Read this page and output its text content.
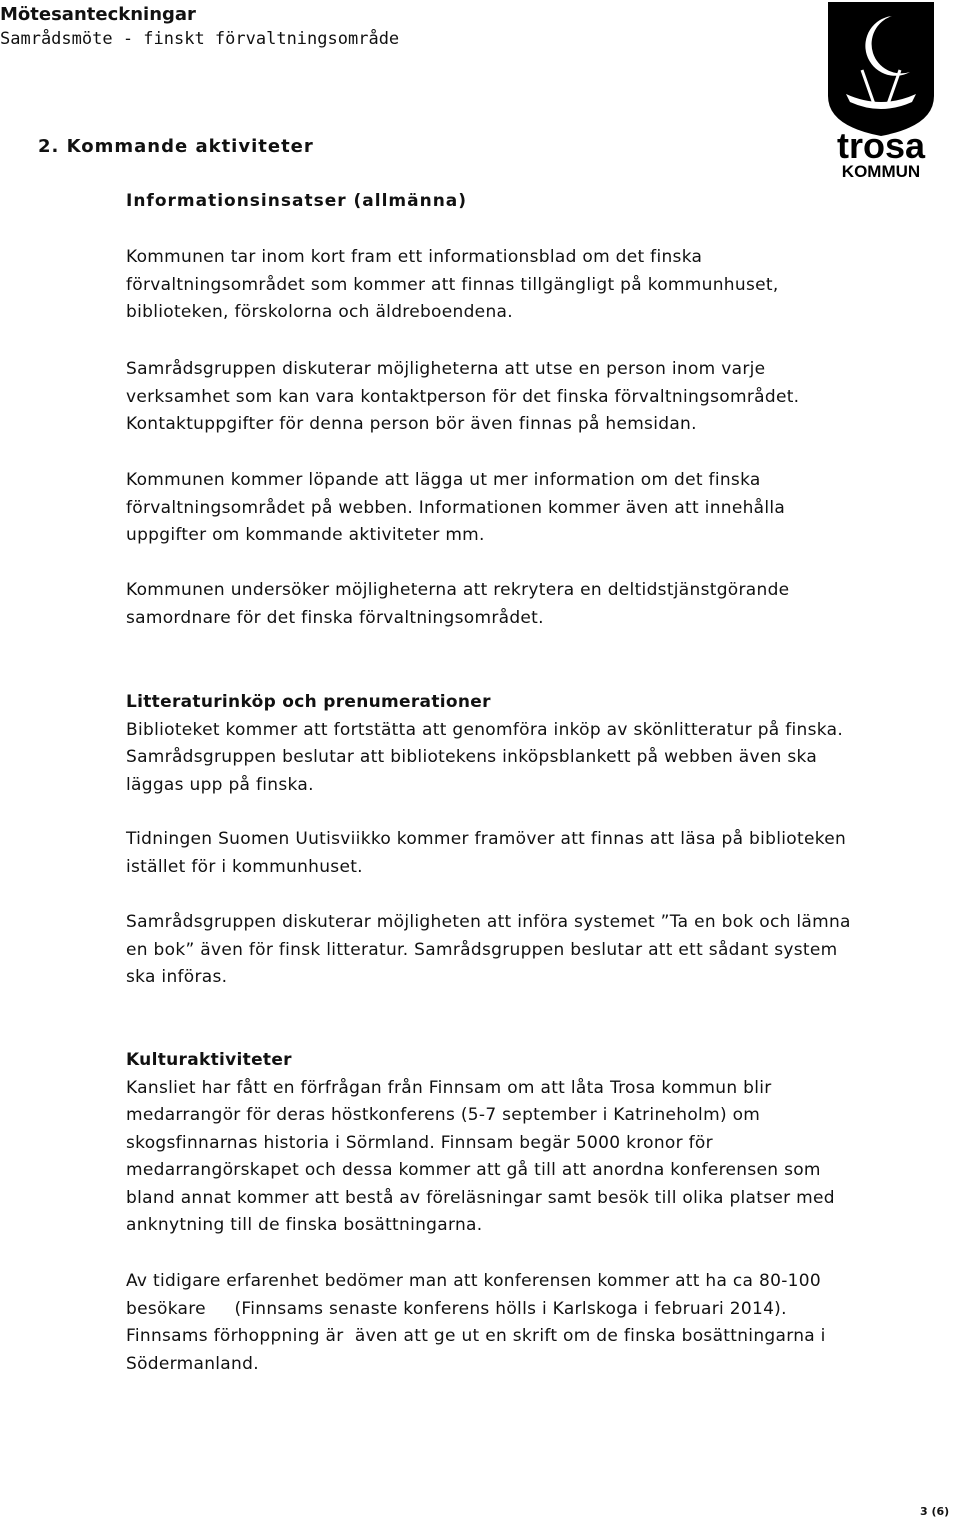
Mötesanteckningar
Samrådsmöte - finskt förvaltningsområde
trosa
KOMMUN
2. Kommande aktiviteter

Informationsinsatser (allmänna)

Kommunen tar inom kort fram ett informationsblad om det finska

förvaltningsområdet som kommer att finnas tillgängligt på kommunhuset,

biblioteken, förskolorna och äldreboendena.

Samrådsgruppen diskuterar möjligheterna att utse en person inom varje

verksamhet som kan vara kontaktperson för det finska förvaltningsområdet.

Kontaktuppgifter för denna person bör även finnas på hemsidan.

Kommunen kommer löpande att lägga ut mer information om det finska

förvaltningsområdet på webben. Informationen kommer även att innehålla

uppgifter om kommande aktiviteter mm.

Kommunen undersöker möjligheterna att rekrytera en deltidstjänstgörande

samordnare för det finska förvaltningsområdet.

Litteraturinköp och prenumerationer

Biblioteket kommer att fortstätta att genomföra inköp av skönlitteratur på finska.

Samrådsgruppen beslutar att bibliotekens inköpsblankett på webben även ska

läggas upp på finska.

Tidningen Suomen Uutisviikko kommer framöver att finnas att läsa på biblioteken

istället för i kommunhuset.

Samrådsgruppen diskuterar möjligheten att införa systemet ”Ta en bok och lämna

en bok” även för finsk litteratur. Samrådsgruppen beslutar att ett sådant system

ska införas.

Kulturaktiviteter

Kansliet har fått en förfrågan från Finnsam om att låta Trosa kommun blir

medarrangör för deras höstkonferens (5-7 september i Katrineholm) om

skogsfinnarnas historia i Sörmland. Finnsam begär 5000 kronor för

medarrangörskapet och dessa kommer att gå till att anordna konferensen som

bland annat kommer att bestå av föreläsningar samt besök till olika platser med

anknytning till de finska bosättningarna.

Av tidigare erfarenhet bedömer man att konferensen kommer att ha ca 80-100

besökare     (Finnsams senaste konferens hölls i Karlskoga i februari 2014).

Finnsams förhoppning är  även att ge ut en skrift om de finska bosättningarna i

Södermanland.

3 (6)
